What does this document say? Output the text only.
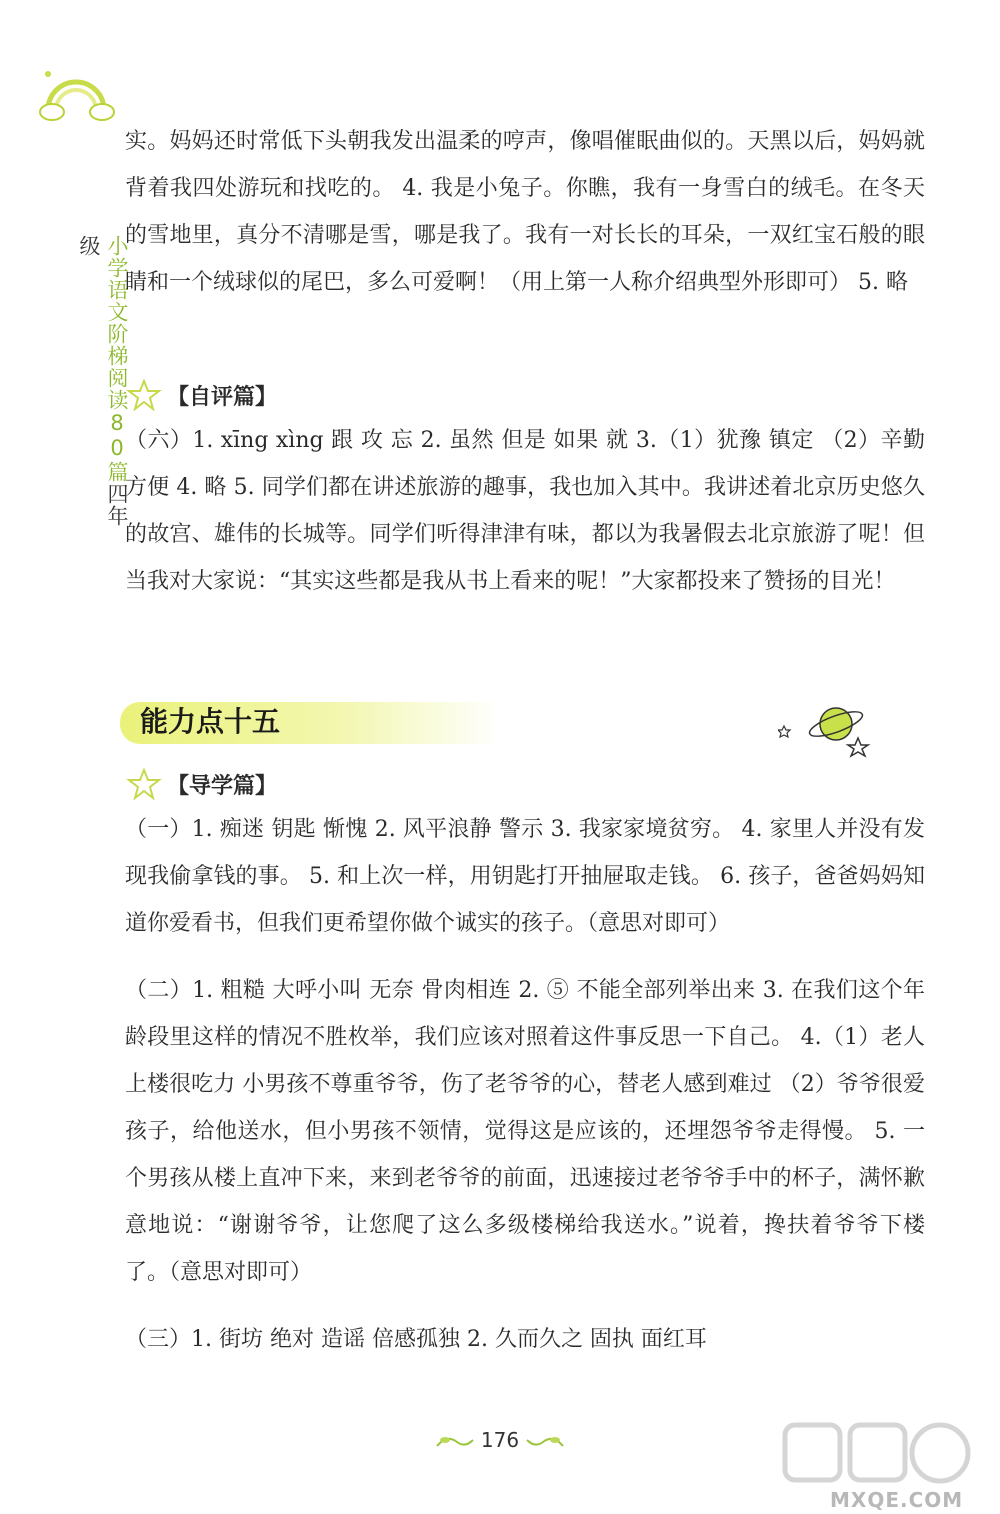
小学语文阶梯阅读80篇四年级

实。妈妈还时常低下头朝我发出温柔的哼声，像唱催眠曲似的。天黑以后，妈妈就背着我四处游玩和找吃的。 4. 我是小兔子。你瞧，我有一身雪白的绒毛。在冬天的雪地里，真分不清哪是雪，哪是我了。我有一对长长的耳朵，一双红宝石般的眼睛和一个绒球似的尾巴，多么可爱啊！（用上第一人称介绍典型外形即可） 5. 略

【自评篇】

（六）1. xīng xìng 跟 攻 忘 2. 虽然 但是 如果 就 3.（1）犹豫 镇定 （2）辛勤 方便 4. 略 5. 同学们都在讲述旅游的趣事，我也加入其中。我讲述着北京历史悠久的故宫、雄伟的长城等。同学们听得津津有味，都以为我暑假去北京旅游了呢！但当我对大家说：“其实这些都是我从书上看来的呢！”大家都投来了赞扬的目光！

能力点十五
【导学篇】

（一）1. 痴迷 钥匙 惭愧 2. 风平浪静 警示 3. 我家家境贫穷。 4. 家里人并没有发现我偷拿钱的事。 5. 和上次一样，用钥匙打开抽屉取走钱。 6. 孩子，爸爸妈妈知道你爱看书，但我们更希望你做个诚实的孩子。（意思对即可）

（二）1. 粗糙 大呼小叫 无奈 骨肉相连 2. ⑤ 不能全部列举出来 3. 在我们这个年龄段里这样的情况不胜枚举，我们应该对照着这件事反思一下自己。 4.（1）老人上楼很吃力 小男孩不尊重爷爷，伤了老爷爷的心，替老人感到难过 （2）爷爷很爱孩子，给他送水，但小男孩不领情，觉得这是应该的，还埋怨爷爷走得慢。 5. 一个男孩从楼上直冲下来，来到老爷爷的前面，迅速接过老爷爷手中的杯子，满怀歉意地说：“谢谢爷爷，让您爬了这么多级楼梯给我送水。”说着，搀扶着爷爷下楼了。（意思对即可）

（三）1. 街坊 绝对 造谣 倍感孤独 2. 久而久之 固执 面红耳

176
MXQE.COM
